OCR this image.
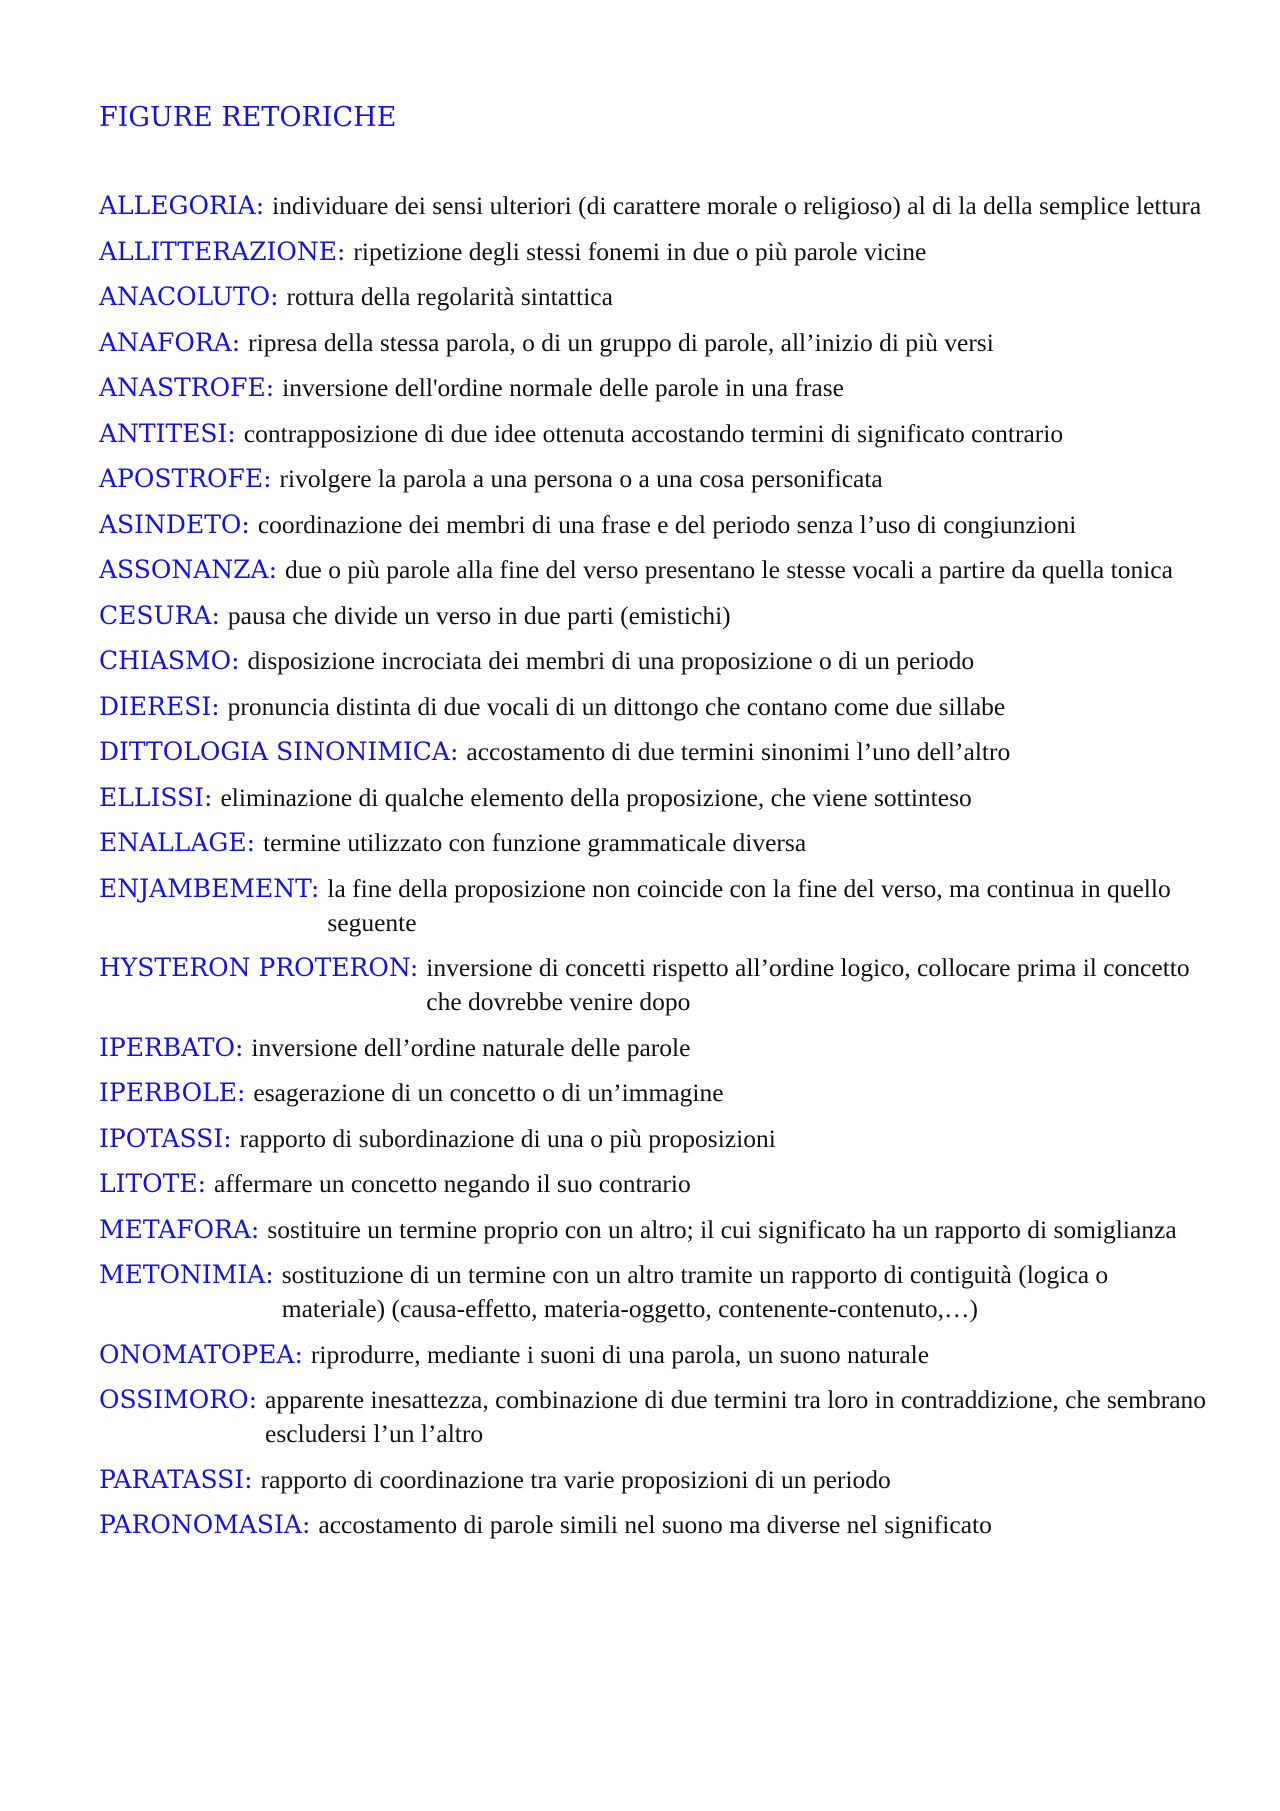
FIGURE RETORICHE
ALLEGORIA: individuare dei sensi ulteriori (di carattere morale o religioso) al di la della semplice lettura
ALLITTERAZIONE: ripetizione degli stessi fonemi in due o più parole vicine
ANACOLUTO: rottura della regolarità sintattica
ANAFORA: ripresa della stessa parola, o di un gruppo di parole, all’inizio di più versi
ANASTROFE: inversione dell'ordine normale delle parole in una frase
ANTITESI: contrapposizione di due idee ottenuta accostando termini di significato contrario
APOSTROFE: rivolgere la parola a una persona o a una cosa personificata
ASINDETO: coordinazione dei membri di una frase e del periodo senza l’uso di congiunzioni
ASSONANZA: due o più parole alla fine del verso presentano le stesse vocali a partire da quella tonica
CESURA: pausa che divide un verso in due parti (emistichi)
CHIASMO: disposizione incrociata dei membri di una proposizione o di un periodo
DIERESI: pronuncia distinta di due vocali di un dittongo che contano come due sillabe
DITTOLOGIA SINONIMICA: accostamento di due termini sinonimi l’uno dell’altro
ELLISSI: eliminazione di qualche elemento della proposizione, che viene sottinteso
ENALLAGE: termine utilizzato con funzione grammaticale diversa
ENJAMBEMENT: la fine della proposizione non coincide con la fine del verso, ma continua in quello seguente
HYSTERON PROTERON: inversione di concetti rispetto all’ordine logico, collocare prima il concetto che dovrebbe venire dopo
IPERBATO: inversione dell’ordine naturale delle parole
IPERBOLE: esagerazione di un concetto o di un’immagine
IPOTASSI: rapporto di subordinazione di una o più proposizioni
LITOTE: affermare un concetto negando il suo contrario
METAFORA: sostituire un termine proprio con un altro; il cui significato ha un rapporto di somiglianza
METONIMIA: sostituzione di un termine con un altro tramite un rapporto di contiguità (logica o materiale) (causa-effetto, materia-oggetto, contenente-contenuto,…)
ONOMATOPEA: riprodurre, mediante i suoni di una parola, un suono naturale
OSSIMORO: apparente inesattezza, combinazione di due termini tra loro in contraddizione, che sembrano escludersi l’un l’altro
PARATASSI: rapporto di coordinazione tra varie proposizioni di un periodo
PARONOMASIA: accostamento di parole simili nel suono ma diverse nel significato
